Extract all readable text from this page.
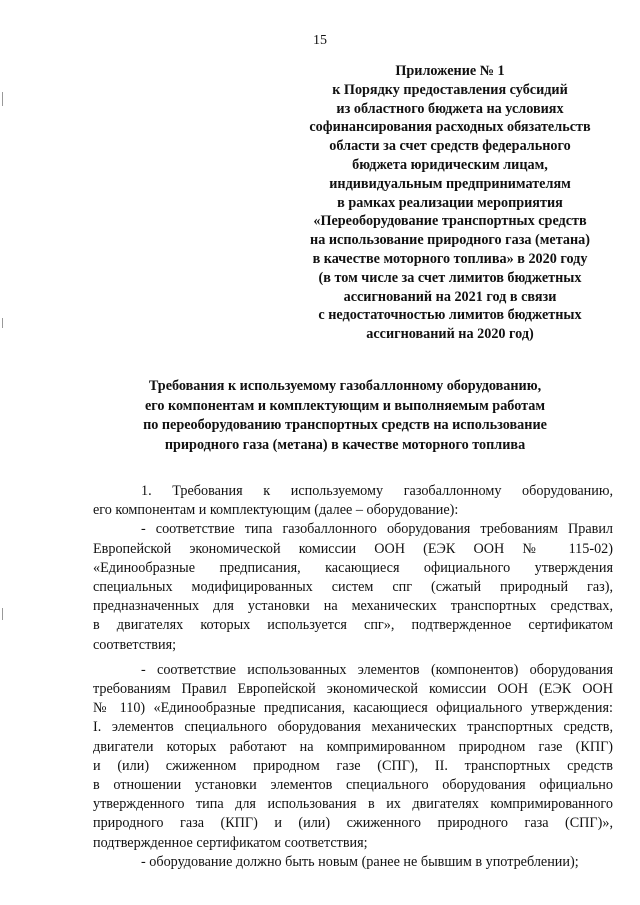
15
Приложение № 1
к Порядку предоставления субсидий
из областного бюджета на условиях
софинансирования расходных обязательств
области за счет средств федерального
бюджета юридическим лицам,
индивидуальным предпринимателям
в рамках реализации мероприятия
«Переоборудование транспортных средств
на использование природного газа (метана)
в качестве моторного топлива» в 2020 году
(в том числе за счет лимитов бюджетных
ассигнований на 2021 год в связи
с недостаточностью лимитов бюджетных
ассигнований на 2020 год)
Требования к используемому газобаллонному оборудованию,
его компонентам и комплектующим и выполняемым работам
по переоборудованию транспортных средств на использование
природного газа (метана) в качестве моторного топлива
1. Требования к используемому газобаллонному оборудованию,
его компонентам и комплектующим (далее – оборудование):
- соответствие типа газобаллонного оборудования требованиям Правил
Европейской экономической комиссии ООН (ЕЭК ООН № 115-02)
«Единообразные предписания, касающиеся официального утверждения
специальных модифицированных систем спг (сжатый природный газ),
предназначенных для установки на механических транспортных средствах,
в двигателях которых используется спг», подтвержденное сертификатом
соответствия;
- соответствие использованных элементов (компонентов) оборудования
требованиям Правил Европейской экономической комиссии ООН (ЕЭК ООН
№ 110) «Единообразные предписания, касающиеся официального утверждения:
I. элементов специального оборудования механических транспортных средств,
двигатели которых работают на компримированном природном газе (КПГ)
и (или) сжиженном природном газе (СПГ), II. транспортных средств
в отношении установки элементов специального оборудования официально
утвержденного типа для использования в их двигателях компримированного
природного газа (КПГ) и (или) сжиженного природного газа (СПГ)»,
подтвержденное сертификатом соответствия;
- оборудование должно быть новым (ранее не бывшим в употреблении);
